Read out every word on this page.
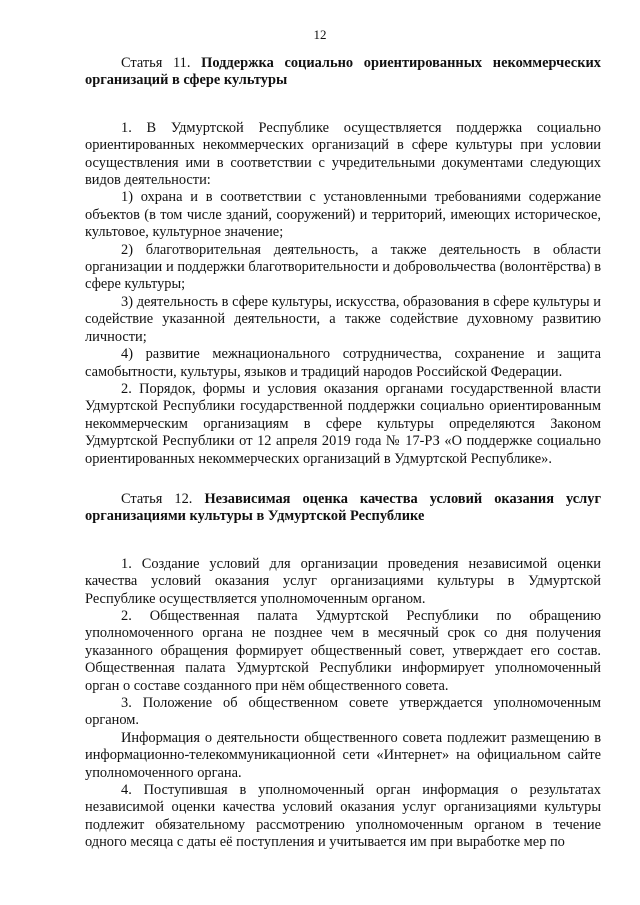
12

Статья 11. Поддержка социально ориентированных некоммерческих организаций в сфере культуры

1. В Удмуртской Республике осуществляется поддержка социально ориентированных некоммерческих организаций в сфере культуры при условии осуществления ими в соответствии с учредительными документами следующих видов деятельности:

1) охрана и в соответствии с установленными требованиями содержание объектов (в том числе зданий, сооружений) и территорий, имеющих историческое, культовое, культурное значение;

2) благотворительная деятельность, а также деятельность в области организации и поддержки благотворительности и добровольчества (волонтёрства) в сфере культуры;

3) деятельность в сфере культуры, искусства, образования в сфере культуры и содействие указанной деятельности, а также содействие духовному развитию личности;

4) развитие межнационального сотрудничества, сохранение и защита самобытности, культуры, языков и традиций народов Российской Федерации.

2. Порядок, формы и условия оказания органами государственной власти Удмуртской Республики государственной поддержки социально ориентированным некоммерческим организациям в сфере культуры определяются Законом Удмуртской Республики от 12 апреля 2019 года № 17-РЗ «О поддержке социально ориентированных некоммерческих организаций в Удмуртской Республике».

Статья 12. Независимая оценка качества условий оказания услуг организациями культуры в Удмуртской Республике

1. Создание условий для организации проведения независимой оценки качества условий оказания услуг организациями культуры в Удмуртской Республике осуществляется уполномоченным органом.

2. Общественная палата Удмуртской Республики по обращению уполномоченного органа не позднее чем в месячный срок со дня получения указанного обращения формирует общественный совет, утверждает его состав. Общественная палата Удмуртской Республики информирует уполномоченный орган о составе созданного при нём общественного совета.

3. Положение об общественном совете утверждается уполномоченным органом.

Информация о деятельности общественного совета подлежит размещению в информационно-телекоммуникационной сети «Интернет» на официальном сайте уполномоченного органа.

4. Поступившая в уполномоченный орган информация о результатах независимой оценки качества условий оказания услуг организациями культуры подлежит обязательному рассмотрению уполномоченным органом в течение одного месяца с даты её поступления и учитывается им при выработке мер по
